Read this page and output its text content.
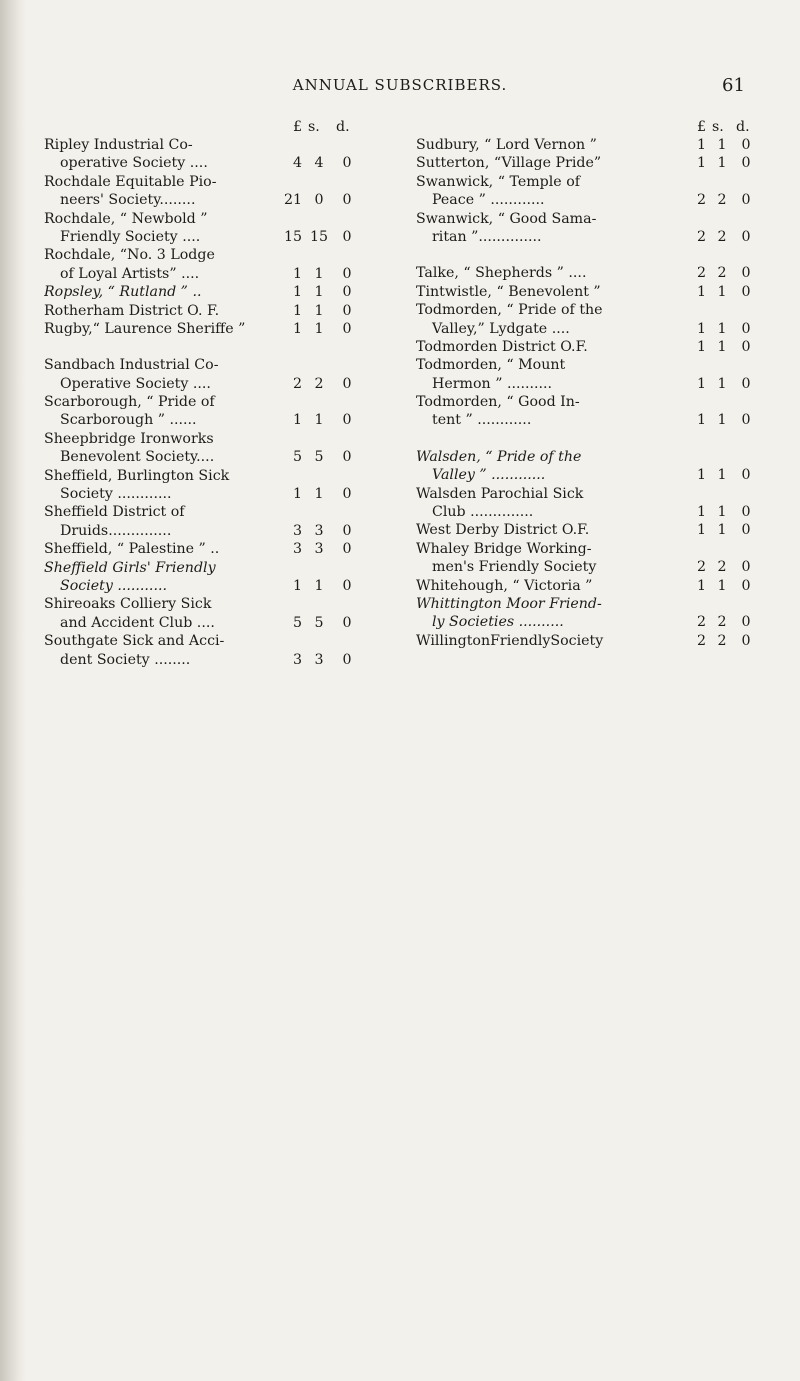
ANNUAL SUBSCRIBERS.	61
£ s.	d.
Ripley Industrial Co-
operative Society ....	4 4	0
Rochdale Equitable Pio-
neers' Society........	21 0	0
Rochdale, “ Newbold ”
Friendly Society ....	15 15	0
Rochdale, “No. 3 Lodge
of Loyal Artists” ....	1 1	0
Ropsley, “ Rutland ” ..	1 1	0
Rotherham District O. F.	1 1	0
Rugby,“ Laurence Sheriffe ”	1 1	0
Sandbach Industrial Co-
Operative Society ....	2 2	0
Scarborough, “ Pride of
Scarborough ” ......	1 1	0
Sheepbridge Ironworks
Benevolent Society....	5 5	0
Sheffield, Burlington Sick
Society ............	1 1	0
Sheffield District of
Druids..............	3 3	0
Sheffield, “ Palestine ” ..	3 3	0
Sheffield Girls' Friendly
Society ...........	1 1	0
Shireoaks Colliery Sick
and Accident Club ....	5 5	0
Southgate Sick and Acci-
dent Society ........	3 3	0
£ s. d.
Sudbury, “ Lord Vernon ”	1 1	0
Sutterton, “Village Pride”	1 1	0
Swanwick, “ Temple of
Peace ” ............	2 2	0
Swanwick, “ Good Sama-
ritan ”..............	2 2	0
Talke, “ Shepherds ” ....	2 2	0
Tintwistle, “ Benevolent ”	1 1	0
Todmorden, “ Pride of the
Valley,” Lydgate ....	1 1	0
Todmorden District O.F.	1 1	0
Todmorden, “ Mount
Hermon ” ..........	1 1	0
Todmorden, “ Good In-
tent ” ............	1 1	0
Walsden, “ Pride of the
Valley ” ............	1 1	0
Walsden Parochial Sick
Club ..............	1 1	0
West Derby District O.F.	1 1	0
Whaley Bridge Working-
men's Friendly Society	2 2	0
Whitehough, “ Victoria ”	1 1	0
Whittington Moor Friend-
ly Societies ..........	2 2	0
WillingtonFriendlySociety	2 2	0
